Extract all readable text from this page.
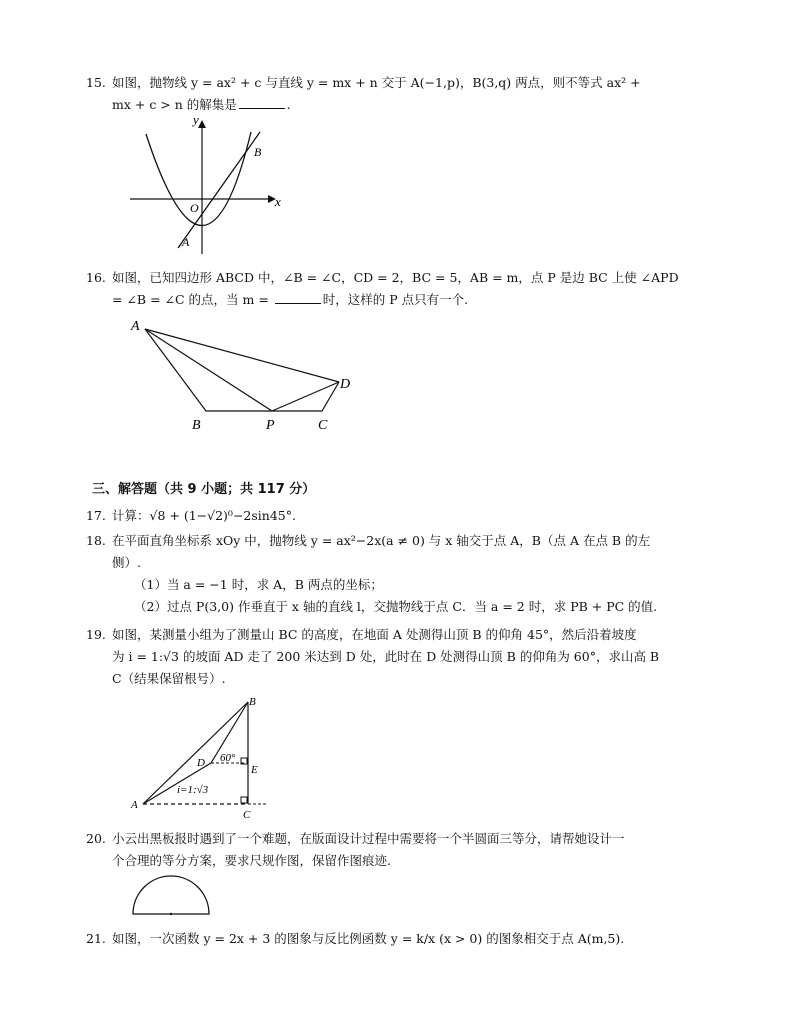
15. 如图，抛物线 y = ax² + c 与直线 y = mx + n 交于 A(−1,p)，B(3,q) 两点，则不等式 ax² +
mx + c > n 的解集是	.
y
x
O
A
B
16. 如图，已知四边形 ABCD 中，∠B = ∠C，CD = 2，BC = 5，AB = m，点 P 是边 BC 上使 ∠APD
= ∠B = ∠C 的点，当 m =	时，这样的 P 点只有一个.
A
B	P	C
D
三、解答题（共 9 小题；共 117 分）
17. 计算：√8 + (1−√2)⁰−2sin45°.
18. 在平面直角坐标系 xOy 中，抛物线 y = ax²−2x(a ≠ 0) 与 x 轴交于点 A，B（点 A 在点 B 的左
侧）.
（1）当 a = −1 时，求 A，B 两点的坐标；
（2）过点 P(3,0) 作垂直于 x 轴的直线 l，交抛物线于点 C．当 a = 2 时，求 PB + PC 的值.
19. 如图，某测量小组为了测量山 BC 的高度，在地面 A 处测得山顶 B 的仰角 45°，然后沿着坡度
为 i = 1:√3 的坡面 AD 走了 200 米达到 D 处，此时在 D 处测得山顶 B 的仰角为 60°，求山高 B
C（结果保留根号）.
B
D 60°
E
i=1:√3
A
C
20. 小云出黑板报时遇到了一个难题，在版面设计过程中需要将一个半圆面三等分，请帮她设计一
个合理的等分方案，要求尺规作图，保留作图痕迹.
21. 如图，一次函数 y = 2x + 3 的图象与反比例函数 y = k/x (x > 0) 的图象相交于点 A(m,5).
